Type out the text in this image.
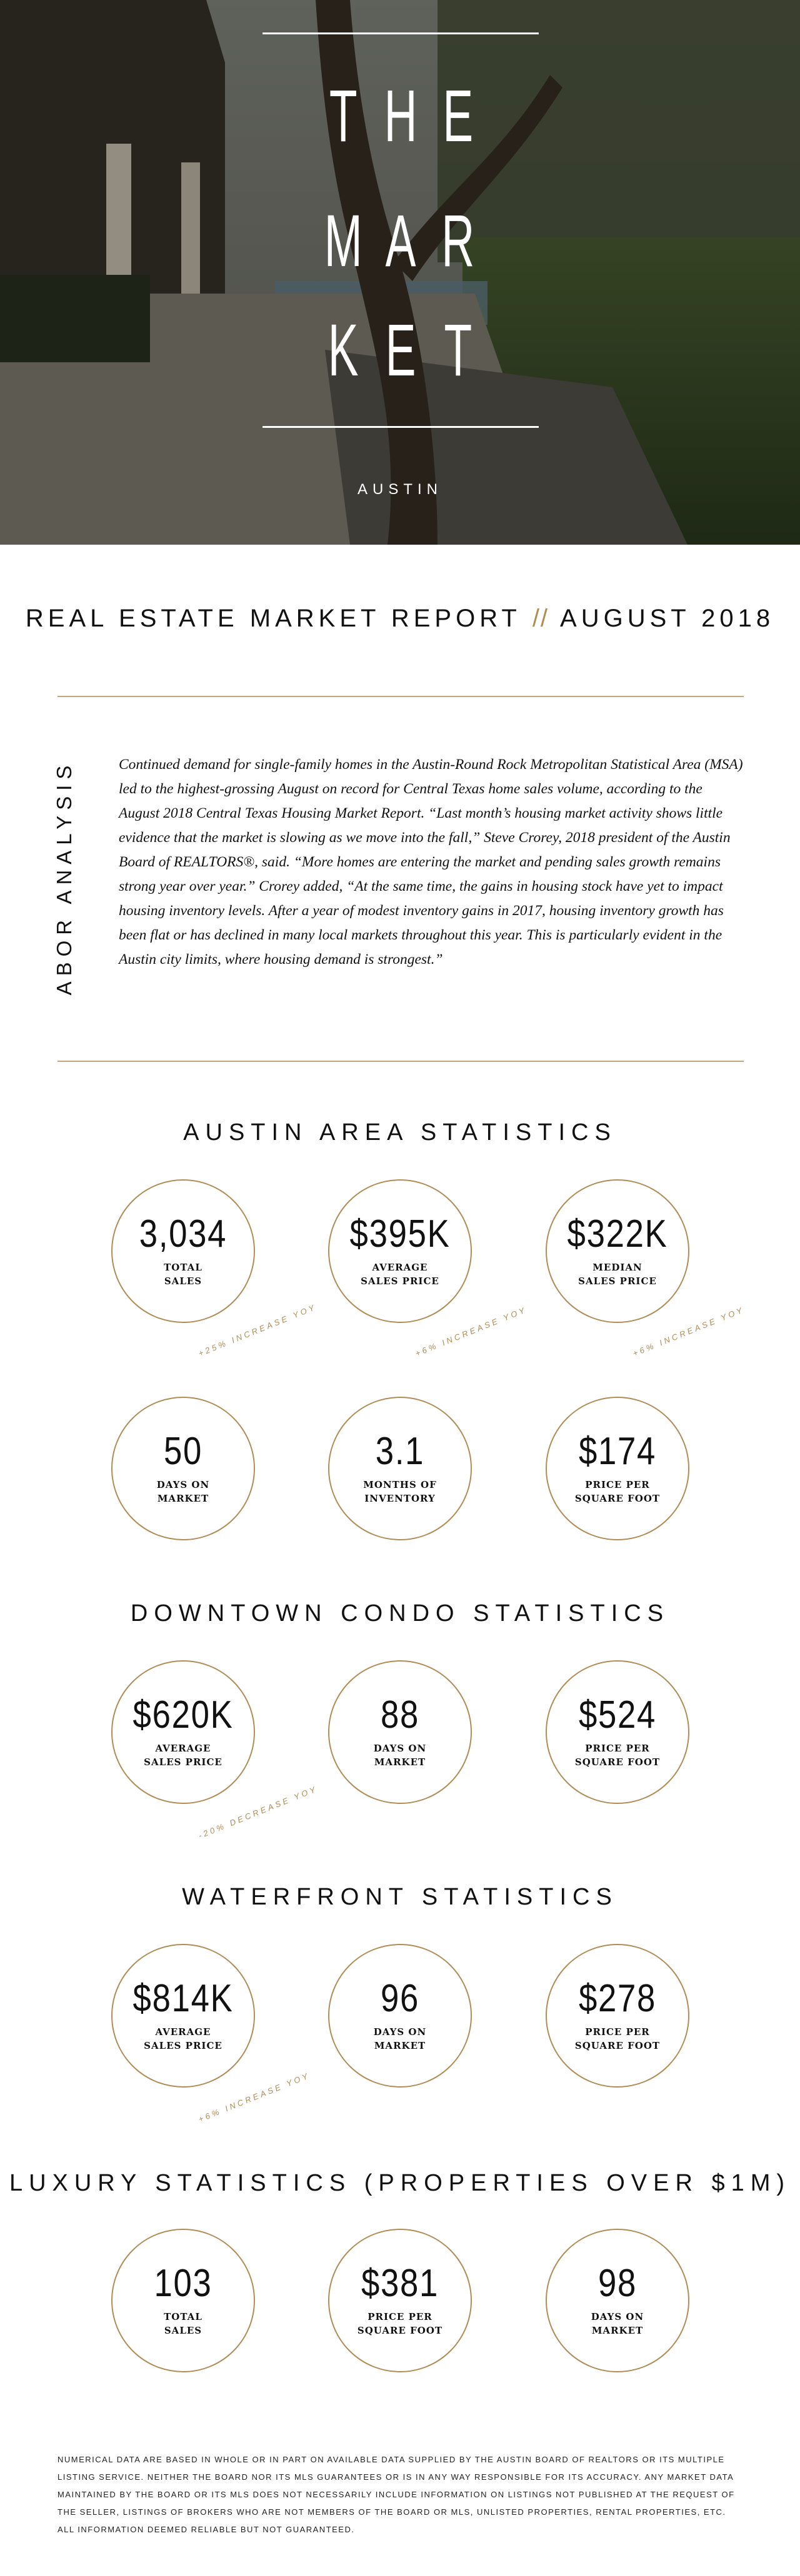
T H E
M A R
K E T
AUSTIN
REAL ESTATE MARKET REPORT // AUGUST 2018
ABOR ANALYSIS	Continued demand for single-family homes in the Austin-Round Rock Metropolitan Statistical Area (MSA) led to the highest-grossing August on record for Central Texas home sales volume, according to the August 2018 Central Texas Housing Market Report. “Last month’s housing market activity shows little evidence that the market is slowing as we move into the fall,” Steve Crorey, 2018 president of the Austin Board of REALTORS®, said. “More homes are entering the market and pending sales growth remains strong year over year.” Crorey added, “At the same time, the gains in housing stock have yet to impact housing inventory levels. After a year of modest inventory gains in 2017, housing inventory growth has been flat or has declined in many local markets throughout this year. This is particularly evident in the Austin city limits, where housing demand is strongest.”

AUSTIN AREA STATISTICS
3,034
TOTAL
SALES
+25% INCREASE YOY
$395K
AVERAGE
SALES PRICE
+6% INCREASE YOY
$322K
MEDIAN
SALES PRICE
+6% INCREASE YOY
50
DAYS ON
MARKET
3.1
MONTHS OF
INVENTORY
$174
PRICE PER
SQUARE FOOT
DOWNTOWN CONDO STATISTICS
$620K
AVERAGE
SALES PRICE
-20% DECREASE YOY
88
DAYS ON
MARKET
$524
PRICE PER
SQUARE FOOT
WATERFRONT STATISTICS
$814K
AVERAGE
SALES PRICE
+6% INCREASE YOY
96
DAYS ON
MARKET
$278
PRICE PER
SQUARE FOOT
LUXURY STATISTICS (PROPERTIES OVER $1M)
103
TOTAL
SALES
$381
PRICE PER
SQUARE FOOT
98
DAYS ON
MARKET

NUMERICAL DATA ARE BASED IN WHOLE OR IN PART ON AVAILABLE DATA SUPPLIED BY THE AUSTIN BOARD OF REALTORS OR ITS MULTIPLE LISTING SERVICE. NEITHER THE BOARD NOR ITS MLS GUARANTEES OR IS IN ANY WAY RESPONSIBLE FOR ITS ACCURACY. ANY MARKET DATA MAINTAINED BY THE BOARD OR ITS MLS DOES NOT NECESSARILY INCLUDE INFORMATION ON LISTINGS NOT PUBLISHED AT THE REQUEST OF THE SELLER, LISTINGS OF BROKERS WHO ARE NOT MEMBERS OF THE BOARD OR MLS, UNLISTED PROPERTIES, RENTAL PROPERTIES, ETC. ALL INFORMATION DEEMED RELIABLE BUT NOT GUARANTEED.
